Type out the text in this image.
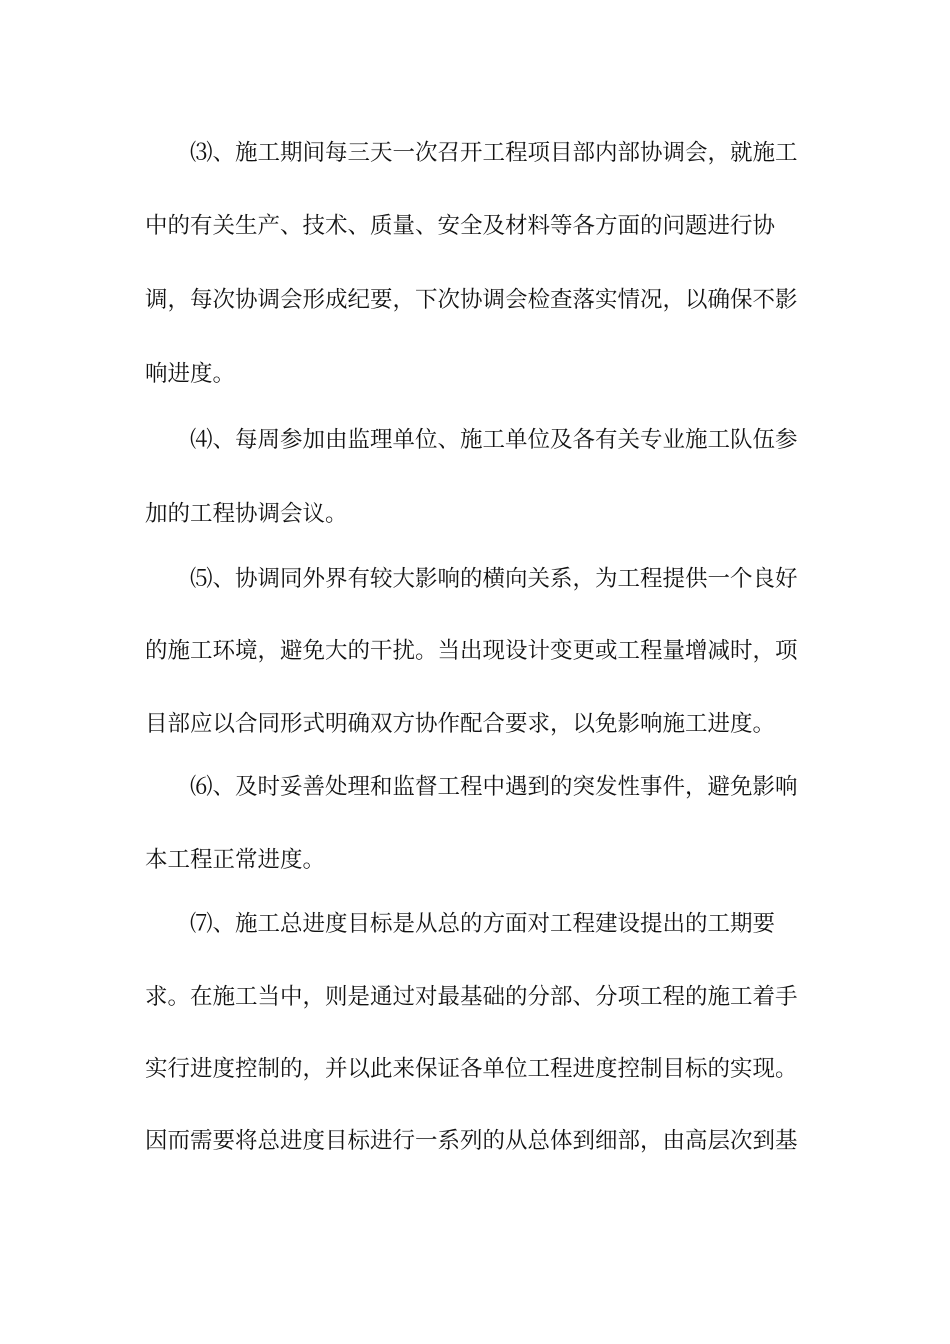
⑶、施工期间每三天一次召开工程项目部内部协调会，就施工
中的有关生产、技术、质量、安全及材料等各方面的问题进行协
调，每次协调会形成纪要，下次协调会检查落实情况，以确保不影
响进度。
⑷、每周参加由监理单位、施工单位及各有关专业施工队伍参
加的工程协调会议。
⑸、协调同外界有较大影响的横向关系，为工程提供一个良好
的施工环境，避免大的干扰。当出现设计变更或工程量增减时，项
目部应以合同形式明确双方协作配合要求，以免影响施工进度。
⑹、及时妥善处理和监督工程中遇到的突发性事件，避免影响
本工程正常进度。
⑺、施工总进度目标是从总的方面对工程建设提出的工期要
求。在施工当中，则是通过对最基础的分部、分项工程的施工着手
实行进度控制的，并以此来保证各单位工程进度控制目标的实现。
因而需要将总进度目标进行一系列的从总体到细部，由高层次到基
